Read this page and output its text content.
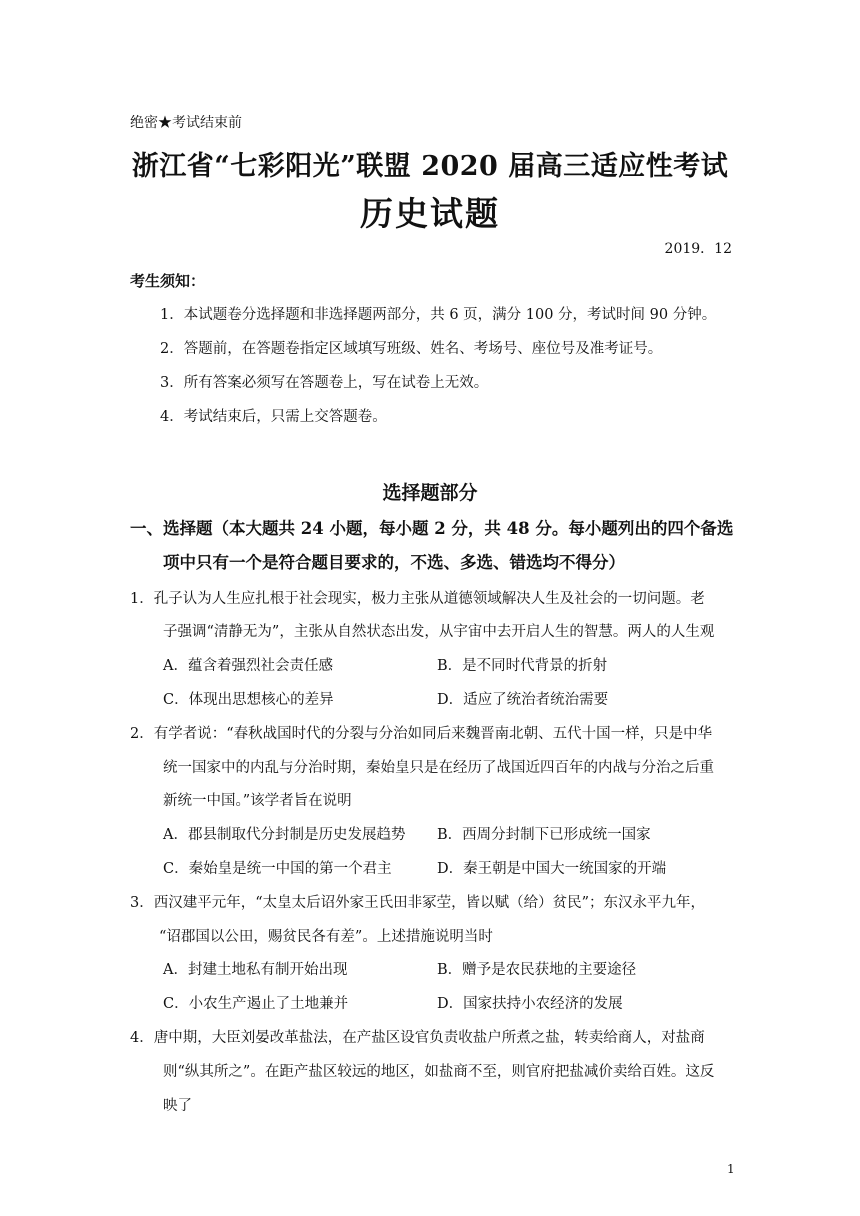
绝密★考试结束前
浙江省“七彩阳光”联盟 2020 届高三适应性考试
历史试题
2019．12
考生须知：
1．本试题卷分选择题和非选择题两部分，共 6 页，满分 100 分，考试时间 90 分钟。
2．答题前，在答题卷指定区域填写班级、姓名、考场号、座位号及准考证号。
3．所有答案必须写在答题卷上，写在试卷上无效。
4．考试结束后，只需上交答题卷。
选择题部分
一、选择题（本大题共 24 小题，每小题 2 分，共 48 分。每小题列出的四个备选
项中只有一个是符合题目要求的，不选、多选、错选均不得分）
1．孔子认为人生应扎根于社会现实，极力主张从道德领域解决人生及社会的一切问题。老
子强调“清静无为”，主张从自然状态出发，从宇宙中去开启人生的智慧。两人的人生观
A．蕴含着强烈社会责任感	B．是不同时代背景的折射
C．体现出思想核心的差异	D．适应了统治者统治需要
2．有学者说：“春秋战国时代的分裂与分治如同后来魏晋南北朝、五代十国一样，只是中华
统一国家中的内乱与分治时期，秦始皇只是在经历了战国近四百年的内战与分治之后重
新统一中国。”该学者旨在说明
A．郡县制取代分封制是历史发展趋势 B．西周分封制下已形成统一国家
C．秦始皇是统一中国的第一个君主	D．秦王朝是中国大一统国家的开端
3．西汉建平元年，“太皇太后诏外家王氏田非冢茔，皆以赋（给）贫民”；东汉永平九年，
“诏郡国以公田，赐贫民各有差”。上述措施说明当时
A．封建土地私有制开始出现	B．赠予是农民获地的主要途径
C．小农生产遏止了土地兼并	D．国家扶持小农经济的发展
4．唐中期，大臣刘晏改革盐法，在产盐区设官负责收盐户所煮之盐，转卖给商人，对盐商
则“纵其所之”。在距产盐区较远的地区，如盐商不至，则官府把盐减价卖给百姓。这反
映了
1
